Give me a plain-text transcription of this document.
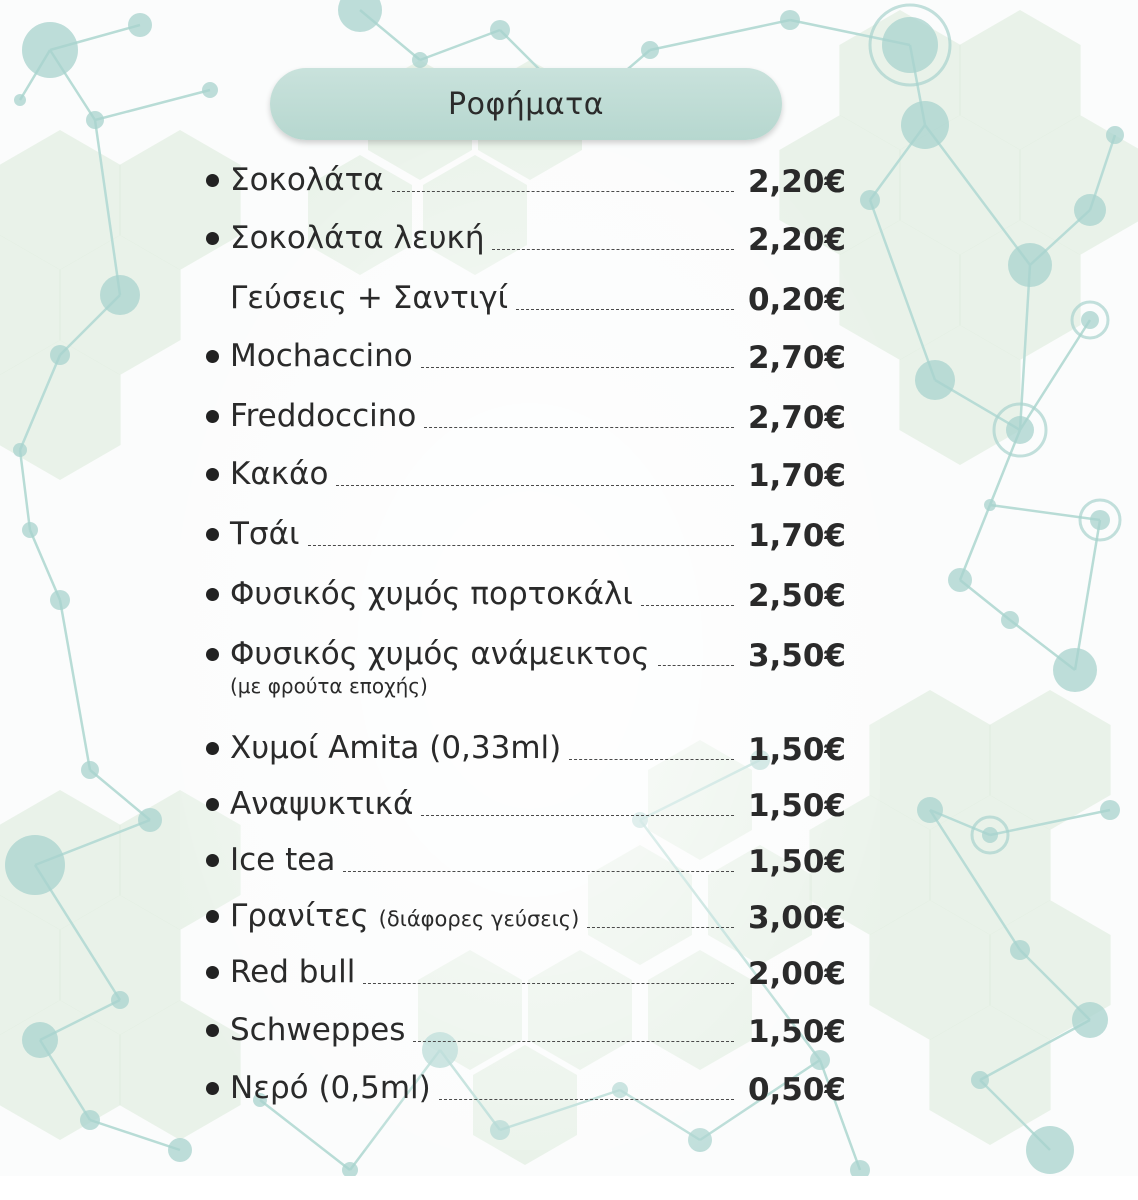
Ροφήματα
Σοκολάτα	2,20€
Σοκολάτα λευκή	2,20€
Γεύσεις + Σαντιγί	0,20€
Mochaccino	2,70€
Freddoccino	2,70€
Κακάο	1,70€
Τσάι	1,70€
Φυσικός χυμός πορτοκάλι	2,50€
Φυσικός χυμός ανάμεικτος	3,50€
(με φρούτα εποχής)
Χυμοί Amita (0,33ml)	1,50€
Αναψυκτικά	1,50€
Ice tea	1,50€
Γρανίτες (διάφορες γεύσεις)	3,00€
Red bull	2,00€
Schweppes	1,50€
Νερό (0,5ml)	0,50€
